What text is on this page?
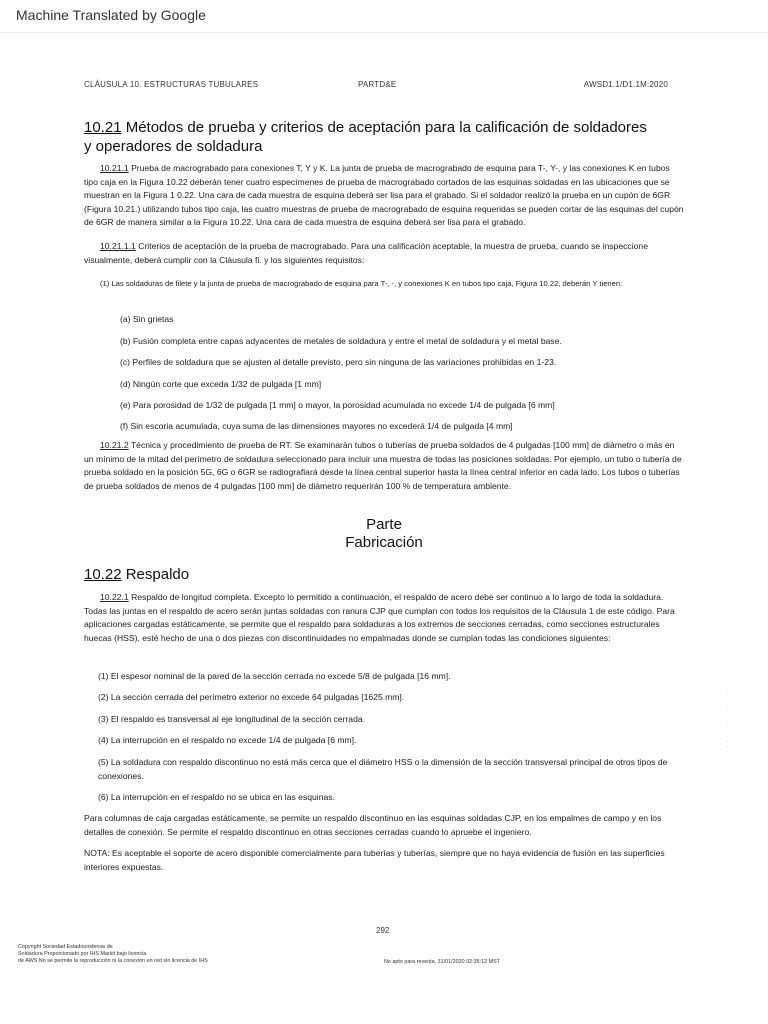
Machine Translated by Google
CLÁUSULA 10. ESTRUCTURAS TUBULARES	PARTD&E	AWSD1.1/D1.1M:2020
10.21 Métodos de prueba y criterios de aceptación para la calificación de soldadores
y operadores de soldadura

10.21.1 Prueba de macrograbado para conexiones T, Y y K. La junta de prueba de macrograbado de esquina para T-, Y-, y las conexiones K en tubos tipo caja en la Figura 10.22 deberán tener cuatro especímenes de prueba de macrograbado cortados de las esquinas soldadas en las ubicaciones que se muestran en la Figura 1 0.22. Una cara de cada muestra de esquina deberá ser lisa para el grabado. Si el soldador realizó la prueba en un cupón de 6GR (Figura 10.21.) utilizando tubos tipo caja, las cuatro muestras de prueba de macrograbado de esquina requeridas se pueden cortar de las esquinas del cupón de 6GR de manera similar a la Figura 10.22. Una cara de cada muestra de esquina deberá ser lisa para el grabado.

10.21.1.1 Criterios de aceptación de la prueba de macrograbado. Para una calificación aceptable, la muestra de prueba, cuando se inspeccione visualmente, deberá cumplir con la Cláusula fi. y los siguientes requisitos:

(1) Las soldaduras de filete y la junta de prueba de macrograbado de esquina para T-, -, y conexiones K en tubos tipo caja, Figura 10.22, deberán Y tienen:

(a) Sin grietas
(b) Fusión completa entre capas adyacentes de metales de soldadura y entre el metal de soldadura y el metal base.
(c) Perfiles de soldadura que se ajusten al detalle previsto, pero sin ninguna de las variaciones prohibidas en 1-23.
(d) Ningún corte que exceda 1/32 de pulgada [1 mm]
(e) Para porosidad de 1/32 de pulgada [1 mm] o mayor, la porosidad acumulada no excede 1/4 de pulgada [6 mm]
(f) Sin escoria acumulada, cuya suma de las dimensiones mayores no excederá 1/4 de pulgada [4 mm]

10.21.2 Técnica y procedimiento de prueba de RT. Se examinarán tubos o tuberías de prueba soldados de 4 pulgadas [100 mm] de diámetro o más en un mínimo de la mitad del perímetro de soldadura seleccionado para incluir una muestra de todas las posiciones soldadas. Por ejemplo, un tubo o tubería de prueba soldado en la posición 5G, 6G o 6GR se radiografiará desde la línea central superior hasta la línea central inferior en cada lado. Los tubos o tuberías de prueba soldados de menos de 4 pulgadas [100 mm] de diámetro requerirán 100 % de temperatura ambiente.

Parte
Fabricación
10.22 Respaldo

10.22.1 Respaldo de longitud completa. Excepto lo permitido a continuación, el respaldo de acero debe ser continuo a lo largo de toda la soldadura. Todas las juntas en el respaldo de acero serán juntas soldadas con ranura CJP que cumplan con todos los requisitos de la Cláusula 1 de este código. Para aplicaciones cargadas estáticamente, se permite que el respaldo para soldaduras a los extremos de secciones cerradas, como secciones estructurales huecas (HSS), esté hecho de una o dos piezas con discontinuidades no empalmadas donde se cumplan todas las condiciones siguientes:

(1) El espesor nominal de la pared de la sección cerrada no excede 5/8 de pulgada [16 mm].
(2) La sección cerrada del perímetro exterior no excede 64 pulgadas [1625 mm].
(3) El respaldo es transversal al eje longitudinal de la sección cerrada.
(4) La interrupción en el respaldo no excede 1/4 de pulgada [6 mm].
(5) La soldadura con respaldo discontinuo no está más cerca que el diámetro HSS o la dimensión de la sección transversal principal de otros tipos de conexiones.
(6) La interrupción en el respaldo no se ubica en las esquinas.

Para columnas de caja cargadas estáticamente, se permite un respaldo discontinuo en las esquinas soldadas CJP, en los empalmes de campo y en los detalles de conexión. Se permite el respaldo discontinuo en otras secciones cerradas cuando lo apruebe el ingeniero.

NOTA: Es aceptable el soporte de acero disponible comercialmente para tuberías y tuberías, siempre que no haya evidencia de fusión en las superficies interiores expuestas.

292
Copyright Sociedad Estadounidense de
Soldadura Proporcionado por IHS Markit bajo licencia
de AWS No se permite la reproducción ni la conexión en red sin licencia de IHS	No apto para reventa, 31/01/2020 02:35:12 MST
· · · · · · · · · · · · · ·
